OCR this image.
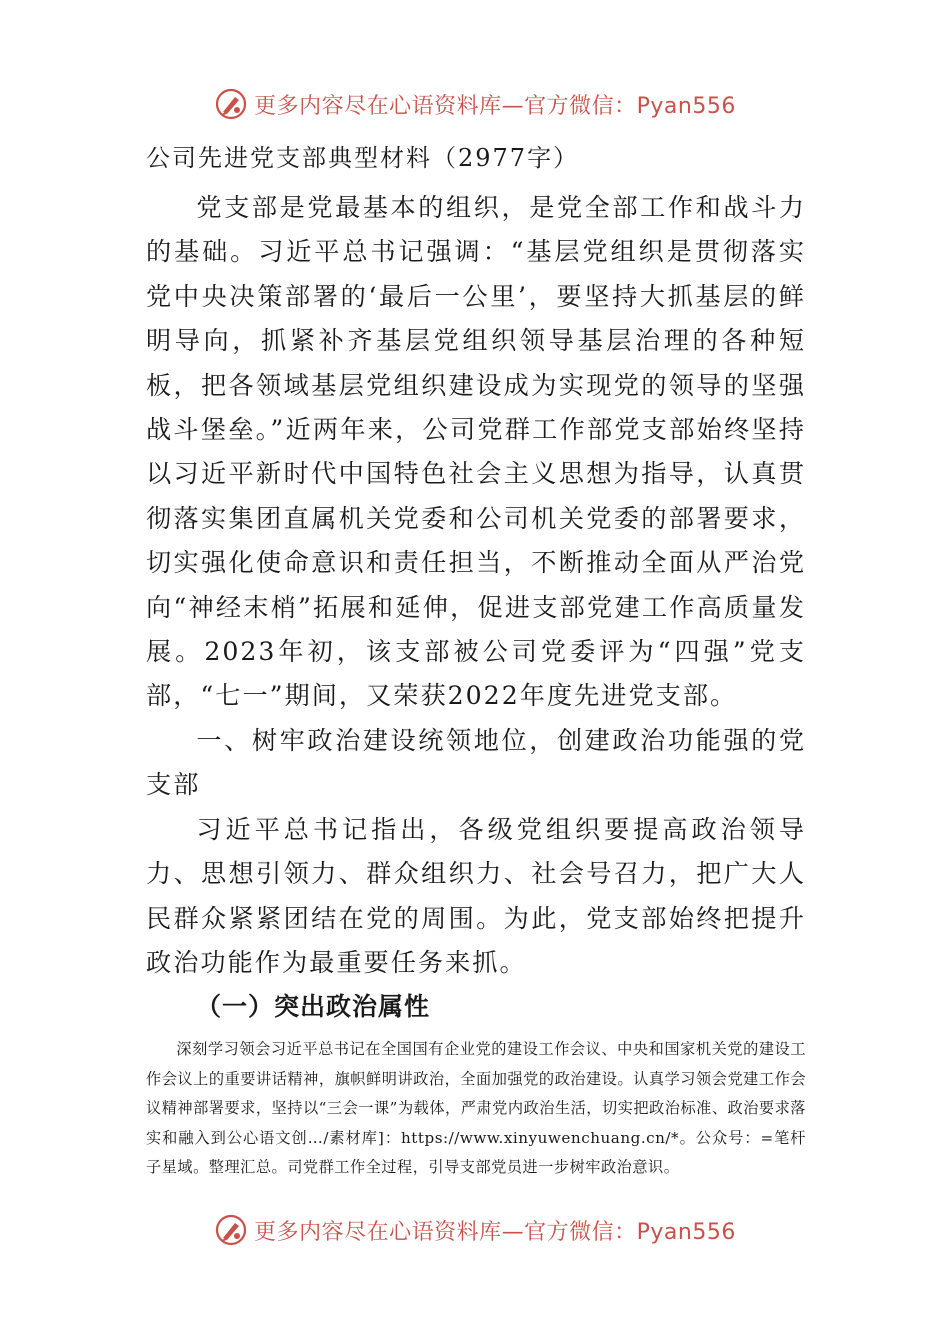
更多内容尽在心语资料库—官方微信：Pyan556

公司先进党支部典型材料（2977字）

党支部是党最基本的组织，是党全部工作和战斗力的基础。习近平总书记强调：“基层党组织是贯彻落实党中央决策部署的‘最后一公里’，要坚持大抓基层的鲜明导向，抓紧补齐基层党组织领导基层治理的各种短板，把各领域基层党组织建设成为实现党的领导的坚强战斗堡垒。”近两年来，公司党群工作部党支部始终坚持以习近平新时代中国特色社会主义思想为指导，认真贯彻落实集团直属机关党委和公司机关党委的部署要求，切实强化使命意识和责任担当，不断推动全面从严治党向“神经末梢”拓展和延伸，促进支部党建工作高质量发展。2023年初，该支部被公司党委评为“四强”党支部，“七一”期间，又荣获2022年度先进党支部。

一、树牢政治建设统领地位，创建政治功能强的党支部

习近平总书记指出，各级党组织要提高政治领导力、思想引领力、群众组织力、社会号召力，把广大人民群众紧紧团结在党的周围。为此，党支部始终把提升政治功能作为最重要任务来抓。

（一）突出政治属性

深刻学习领会习近平总书记在全国国有企业党的建设工作会议、中央和国家机关党的建设工作会议上的重要讲话精神，旗帜鲜明讲政治，全面加强党的政治建设。认真学习领会党建工作会议精神部署要求，坚持以“三会一课”为载体，严肃党内政治生活，切实把政治标准、政治要求落实和融入到公心语文创…/素材库]：https://www.xinyuwenchuang.cn/*。公众号：=笔杆子星域。整理汇总。司党群工作全过程，引导支部党员进一步树牢政治意识。

更多内容尽在心语资料库—官方微信：Pyan556
